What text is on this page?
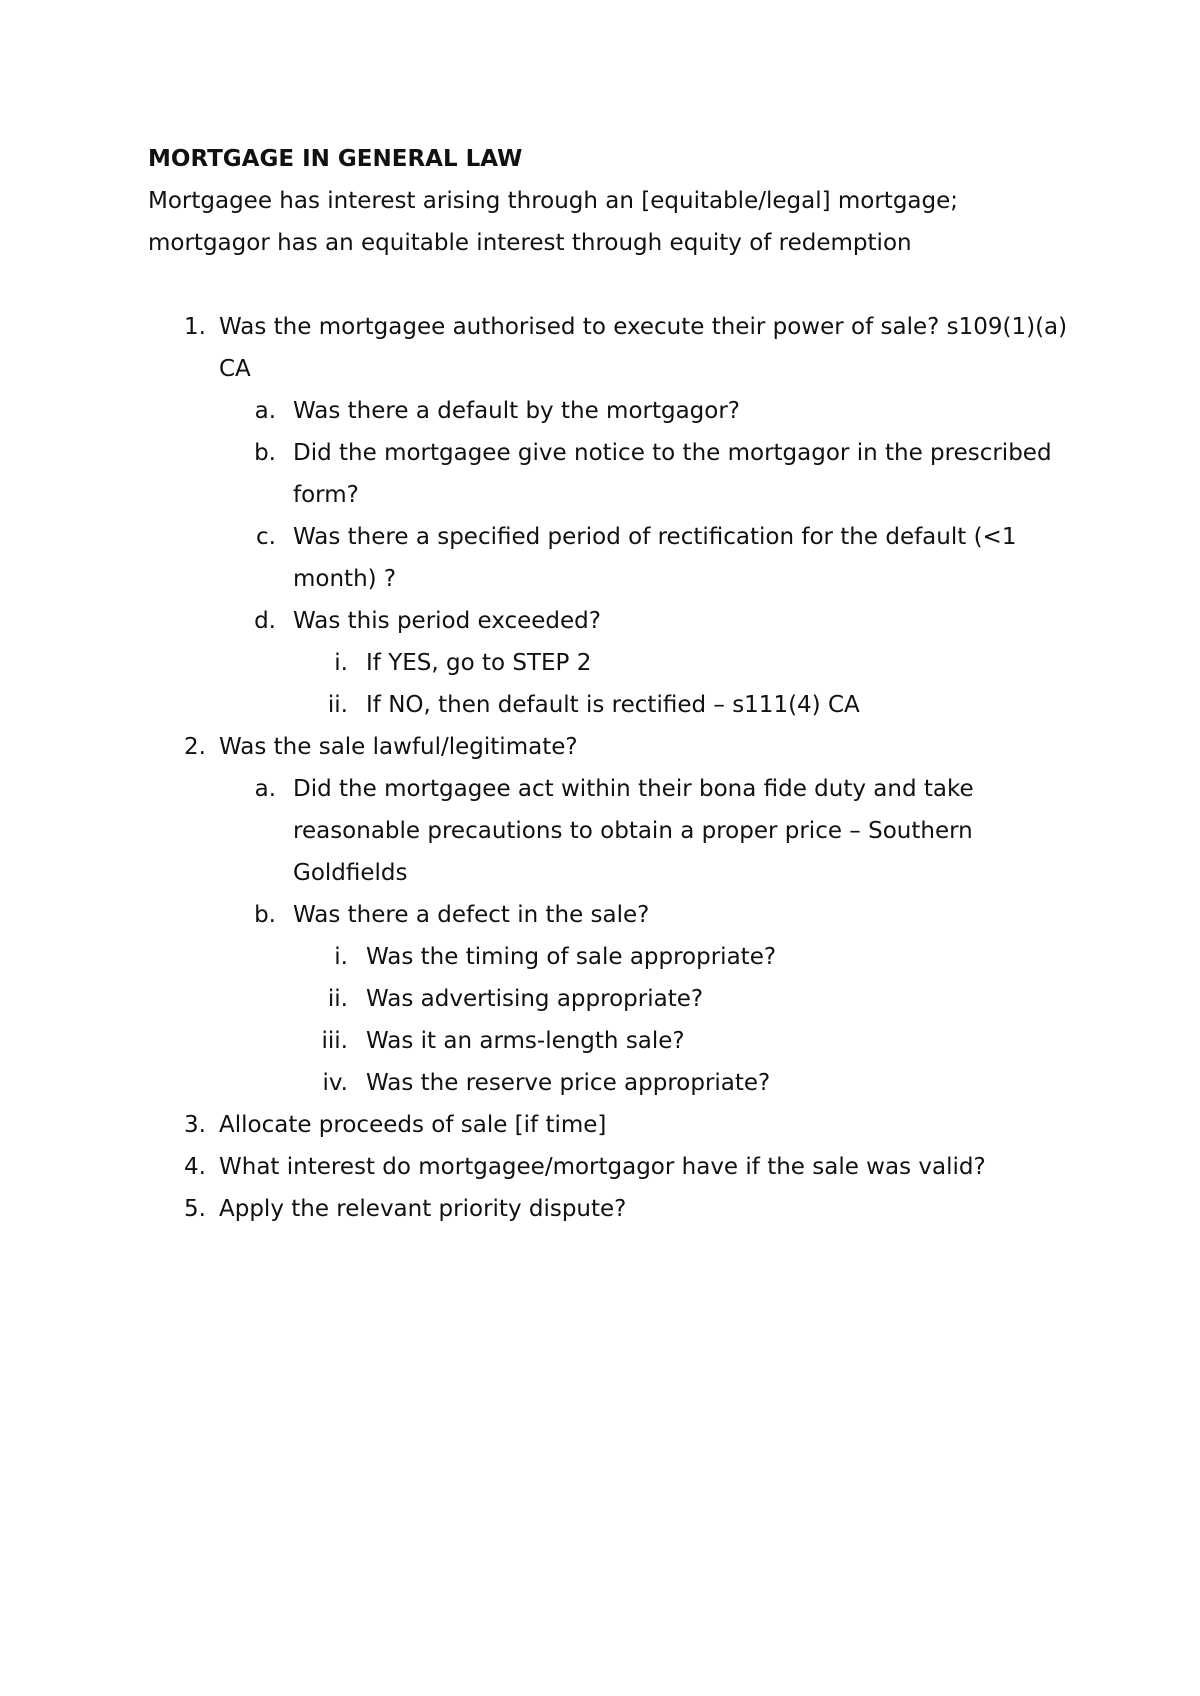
MORTGAGE IN GENERAL LAW

Mortgagee has interest arising through an [equitable/legal] mortgage; mortgagor has an equitable interest through equity of redemption

1. Was the mortgagee authorised to execute their power of sale? s109(1)(a) CA
a. Was there a default by the mortgagor?
b. Did the mortgagee give notice to the mortgagor in the prescribed form?
c. Was there a specified period of rectification for the default (<1 month) ?
d. Was this period exceeded?
i. If YES, go to STEP 2
ii. If NO, then default is rectified – s111(4) CA
2. Was the sale lawful/legitimate?
a. Did the mortgagee act within their bona fide duty and take reasonable precautions to obtain a proper price – Southern Goldfields
b. Was there a defect in the sale?
i. Was the timing of sale appropriate?
ii. Was advertising appropriate?
iii. Was it an arms-length sale?
iv. Was the reserve price appropriate?
3. Allocate proceeds of sale [if time]
4. What interest do mortgagee/mortgagor have if the sale was valid?
5. Apply the relevant priority dispute?
